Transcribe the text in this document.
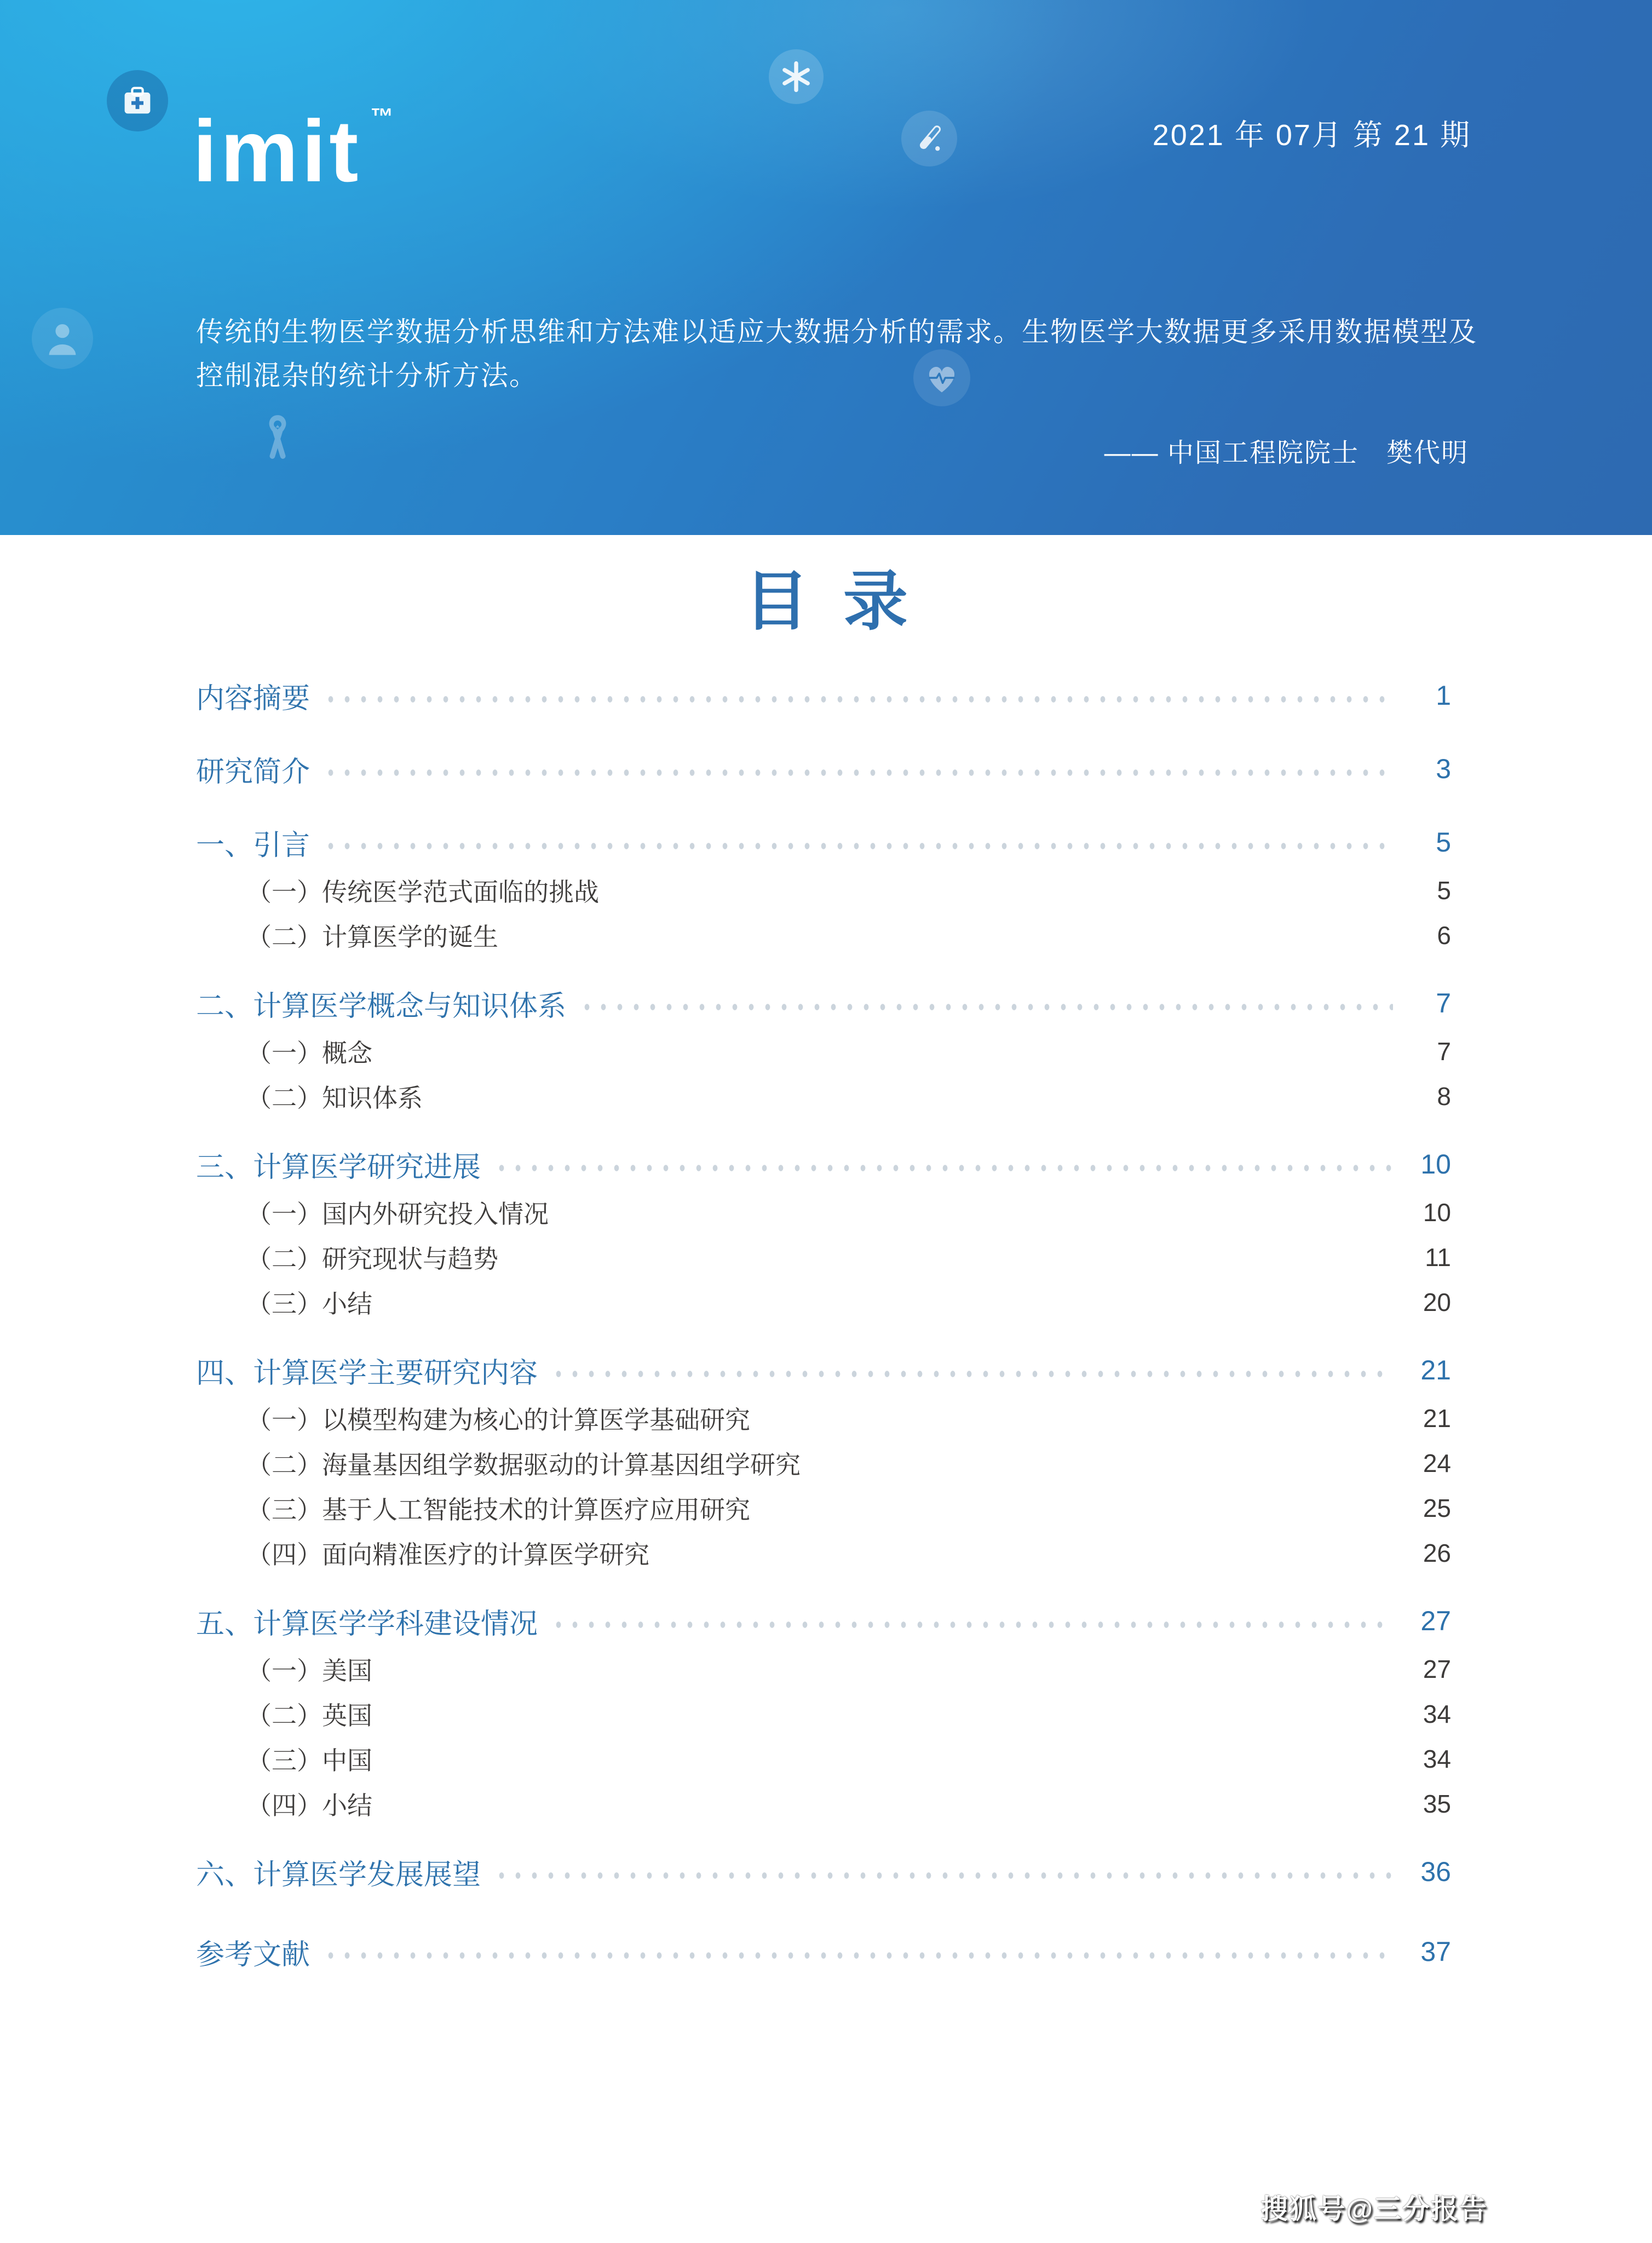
imit ™
2021 年 07月 第 21 期
传统的生物医学数据分析思维和方法难以适应大数据分析的需求。生物医学大数据更多采用数据模型及
控制混杂的统计分析方法。
—— 中国工程院院士　樊代明
目 录
内容摘要	1
研究简介	3
一、引言	5
（一）传统医学范式面临的挑战	5
（二）计算医学的诞生	6
二、计算医学概念与知识体系	7
（一）概念	7
（二）知识体系	8
三、计算医学研究进展	10
（一）国内外研究投入情况	10
（二）研究现状与趋势	11
（三）小结	20
四、计算医学主要研究内容	21
（一）以模型构建为核心的计算医学基础研究	21
（二）海量基因组学数据驱动的计算基因组学研究	24
（三）基于人工智能技术的计算医疗应用研究	25
（四）面向精准医疗的计算医学研究	26
五、计算医学学科建设情况	27
（一）美国	27
（二）英国	34
（三）中国	34
（四）小结	35
六、计算医学发展展望	36
参考文献	37
搜狐号@三分报告
